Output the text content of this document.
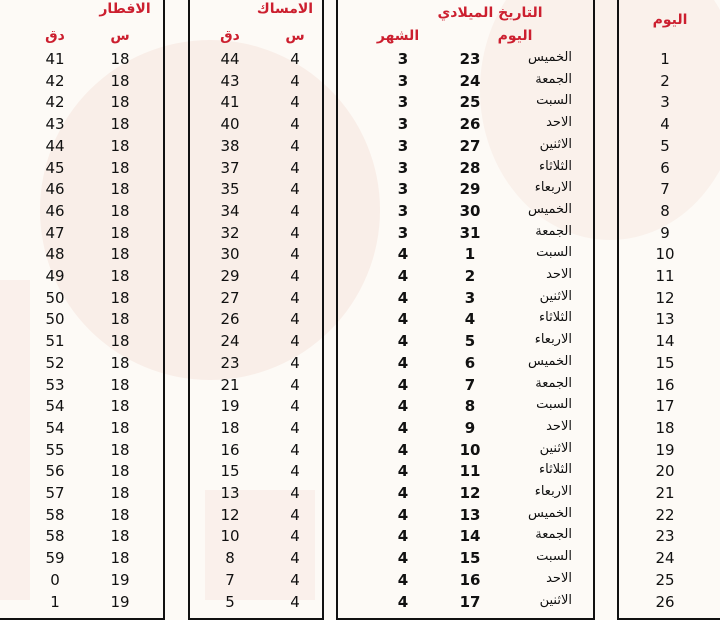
الافطار	الامساك	التاريخ الميلادي	اليوم
دق	س	دق	س	الشهر	اليوم
41	18	44	4	3	23	الخميس	1
42	18	43	4	3	24	الجمعة	2
42	18	41	4	3	25	السبت	3
43	18	40	4	3	26	الاحد	4
44	18	38	4	3	27	الاثنين	5
45	18	37	4	3	28	الثلاثاء	6
46	18	35	4	3	29	الاربعاء	7
46	18	34	4	3	30	الخميس	8
47	18	32	4	3	31	الجمعة	9
48	18	30	4	4	1	السبت	10
49	18	29	4	4	2	الاحد	11
50	18	27	4	4	3	الاثنين	12
50	18	26	4	4	4	الثلاثاء	13
51	18	24	4	4	5	الاربعاء	14
52	18	23	4	4	6	الخميس	15
53	18	21	4	4	7	الجمعة	16
54	18	19	4	4	8	السبت	17
54	18	18	4	4	9	الاحد	18
55	18	16	4	4	10	الاثنين	19
56	18	15	4	4	11	الثلاثاء	20
57	18	13	4	4	12	الاربعاء	21
58	18	12	4	4	13	الخميس	22
58	18	10	4	4	14	الجمعة	23
59	18	8	4	4	15	السبت	24
0	19	7	4	4	16	الاحد	25
1	19	5	4	4	17	الاثنين	26
